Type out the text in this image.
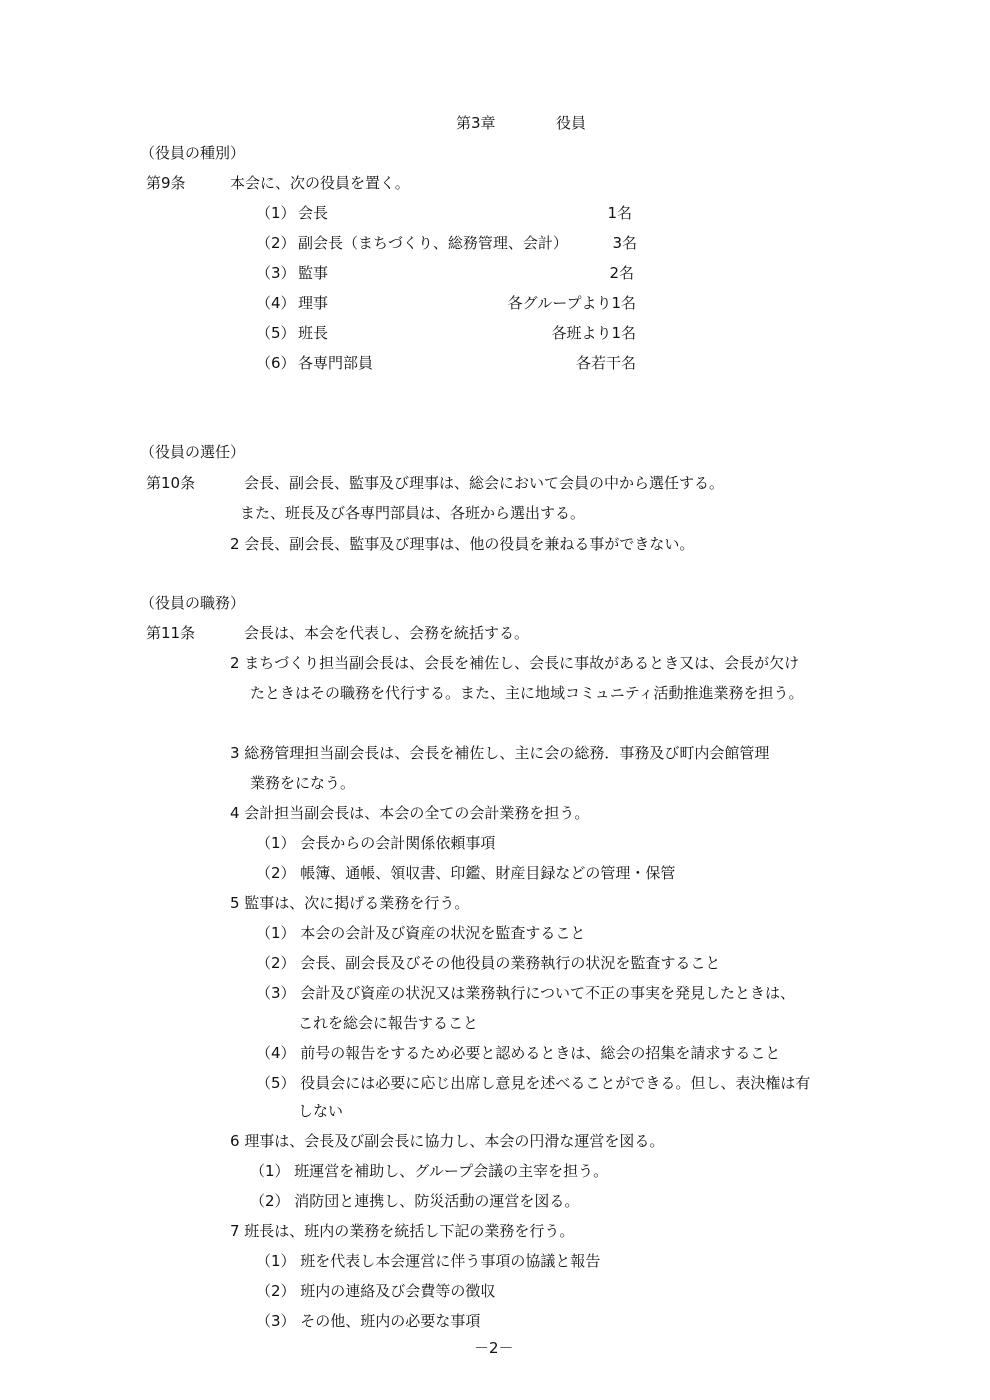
第3章	役員
（役員の種別）
第9条	本会に、次の役員を置く。
（1） 会長	1名
（2） 副会長（まちづくり、総務管理、会計）	3名
（3） 監事	2名
（4） 理事	各グループより1名
（5） 班長	各班より1名
（6） 各専門部員	各若干名
（役員の選任）
第10条	会長、副会長、監事及び理事は、総会において会員の中から選任する。
また、班長及び各専門部員は、各班から選出する。
2 会長、副会長、監事及び理事は、他の役員を兼ねる事ができない。
（役員の職務）
第11条	会長は、本会を代表し、会務を統括する。
2 まちづくり担当副会長は、会長を補佐し、会長に事故があるとき又は、会長が欠け
たときはその職務を代行する。また、主に地域コミュニティ活動推進業務を担う。
3 総務管理担当副会長は、会長を補佐し、主に会の総務．事務及び町内会館管理
業務をになう。
4 会計担当副会長は、本会の全ての会計業務を担う。
（1） 会長からの会計関係依頼事項
（2） 帳簿、通帳、領収書、印鑑、財産目録などの管理・保管
5 監事は、次に掲げる業務を行う。
（1） 本会の会計及び資産の状況を監査すること
（2） 会長、副会長及びその他役員の業務執行の状況を監査すること
（3） 会計及び資産の状況又は業務執行について不正の事実を発見したときは、
これを総会に報告すること
（4） 前号の報告をするため必要と認めるときは、総会の招集を請求すること
（5） 役員会には必要に応じ出席し意見を述べることができる。但し、表決権は有
しない
6 理事は、会長及び副会長に協力し、本会の円滑な運営を図る。
（1） 班運営を補助し、グループ会議の主宰を担う。
（2） 消防団と連携し、防災活動の運営を図る。
7 班長は、班内の業務を統括し下記の業務を行う。
（1） 班を代表し本会運営に伴う事項の協議と報告
（2） 班内の連絡及び会費等の徴収
（3） その他、班内の必要な事項
－2－
